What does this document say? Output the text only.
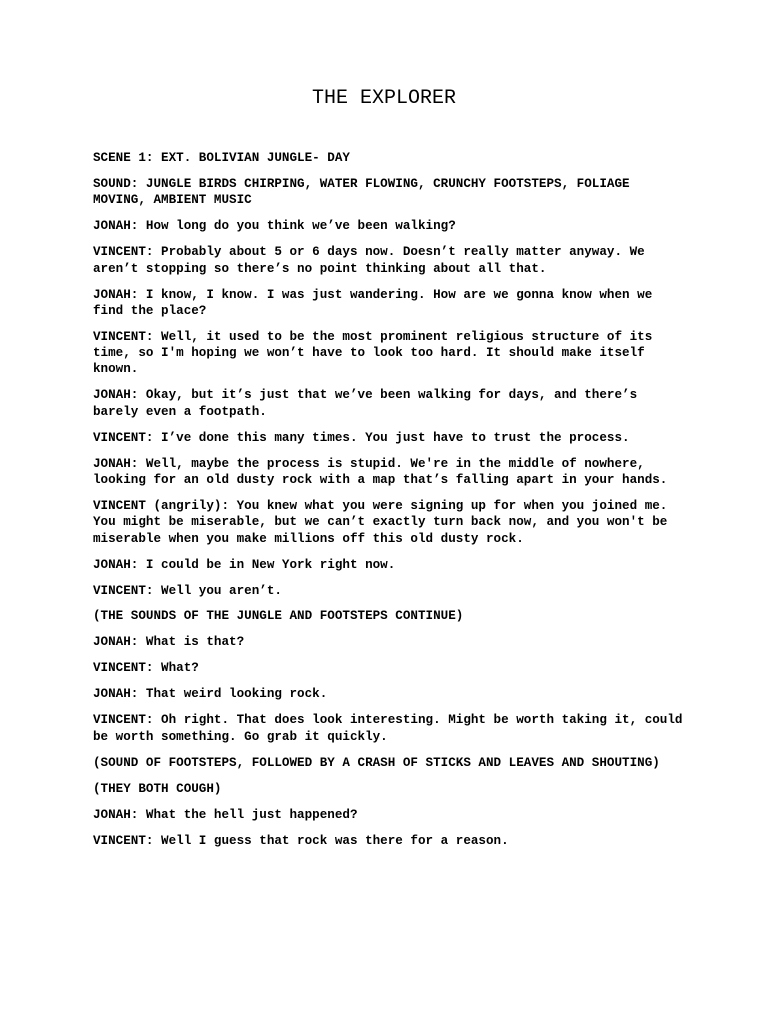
THE EXPLORER

SCENE 1: EXT. BOLIVIAN JUNGLE- DAY

SOUND: JUNGLE BIRDS CHIRPING, WATER FLOWING, CRUNCHY FOOTSTEPS, FOLIAGE MOVING, AMBIENT MUSIC

JONAH: How long do you think we’ve been walking?

VINCENT: Probably about 5 or 6 days now. Doesn’t really matter anyway. We aren’t stopping so there’s no point thinking about all that.

JONAH: I know, I know. I was just wandering. How are we gonna know when we find the place?

VINCENT: Well, it used to be the most prominent religious structure of its time, so I'm hoping we won’t have to look too hard. It should make itself known.

JONAH: Okay, but it’s just that we’ve been walking for days, and there’s barely even a footpath.

VINCENT: I’ve done this many times. You just have to trust the process.

JONAH: Well, maybe the process is stupid. We're in the middle of nowhere, looking for an old dusty rock with a map that’s falling apart in your hands.

VINCENT (angrily): You knew what you were signing up for when you joined me. You might be miserable, but we can’t exactly turn back now, and you won't be miserable when you make millions off this old dusty rock.

JONAH: I could be in New York right now.

VINCENT: Well you aren’t.

(THE SOUNDS OF THE JUNGLE AND FOOTSTEPS CONTINUE)

JONAH: What is that?

VINCENT: What?

JONAH: That weird looking rock.

VINCENT: Oh right. That does look interesting. Might be worth taking it, could be worth something. Go grab it quickly.

(SOUND OF FOOTSTEPS, FOLLOWED BY A CRASH OF STICKS AND LEAVES AND SHOUTING)

(THEY BOTH COUGH)

JONAH: What the hell just happened?

VINCENT: Well I guess that rock was there for a reason.
